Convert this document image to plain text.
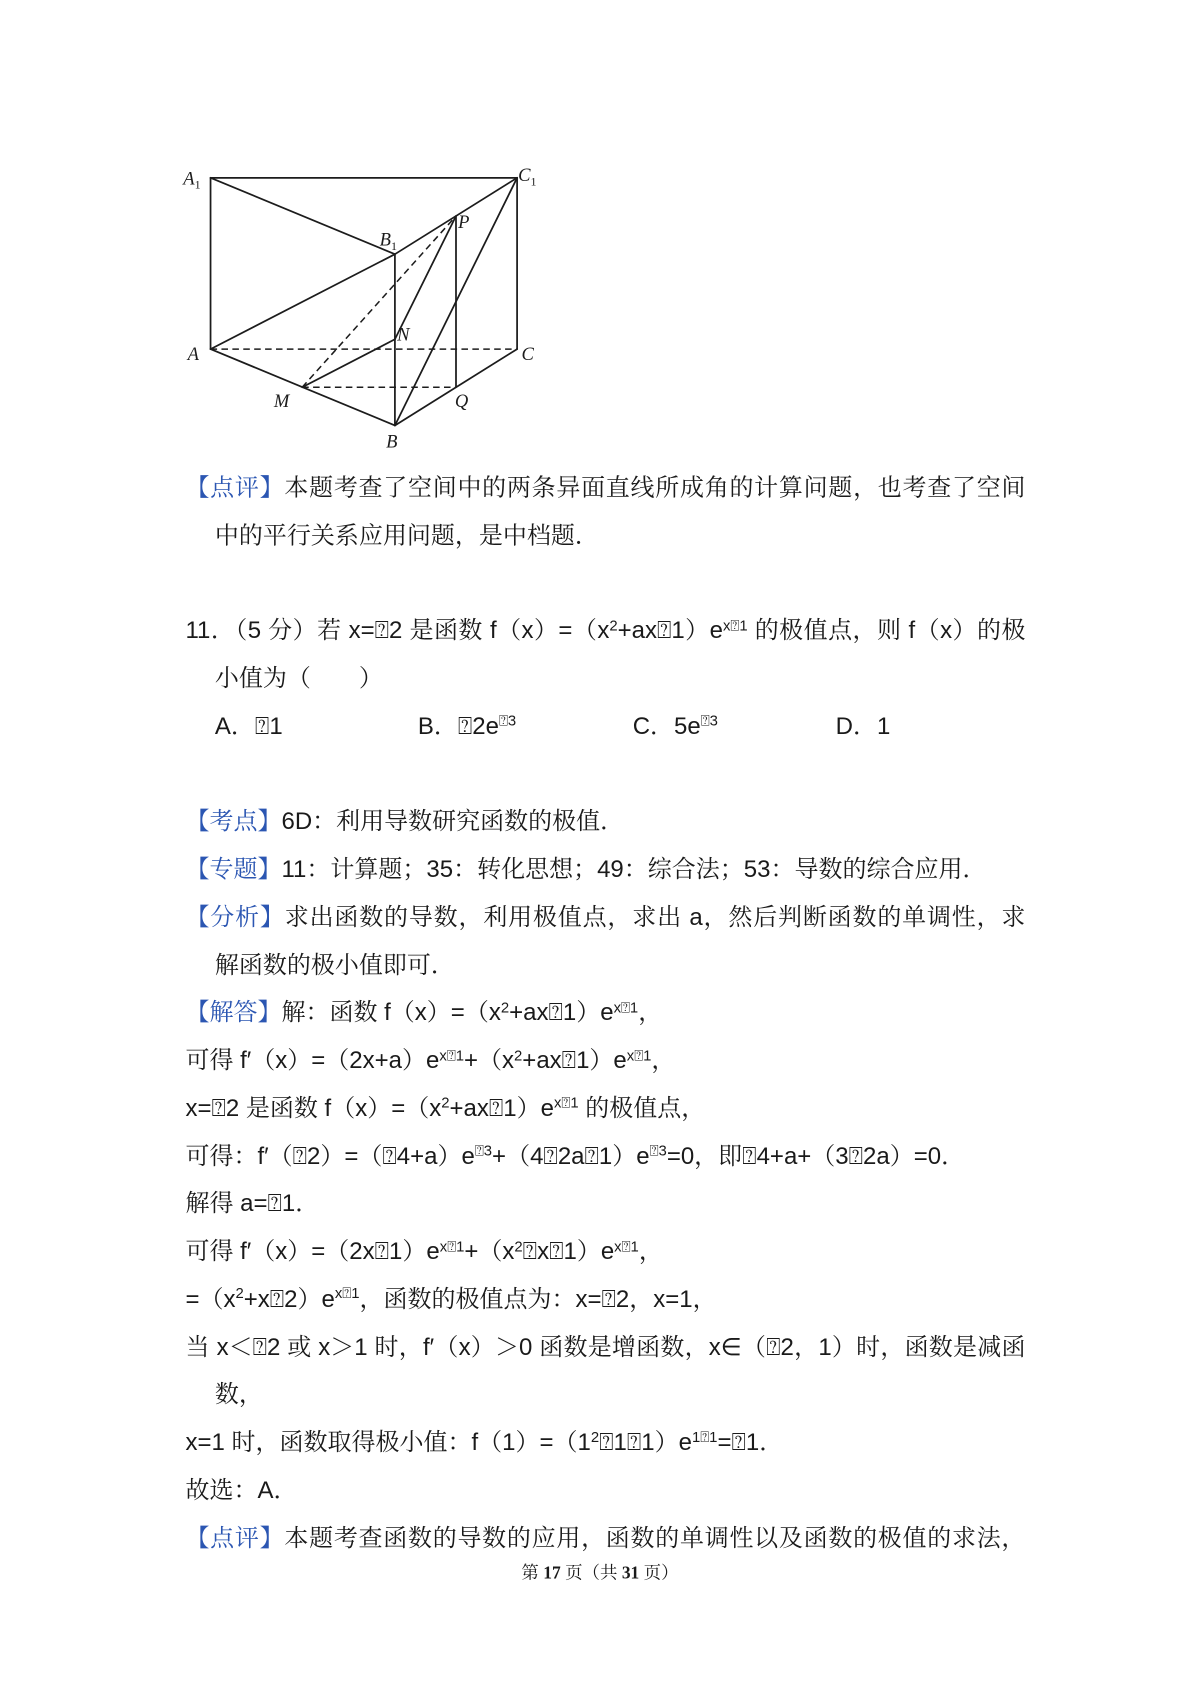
$A_1$	$C_1$
$B_1$
P
N
A	C
M	Q
B
【点评】本题考查了空间中的两条异面直线所成角的计算问题，也考查了空间
中的平行关系应用问题，是中档题．
11．（5 分）若 x=⍰2 是函数 $f(x)=(x^2+ax⍰1)e^{x⍰1}$ 的极值点，则 f（x）的极
小值为（　　）
A．⍰1	B．$⍰2e^{⍰3}$	C．$5e^{⍰3}$	D．1
【考点】6D：利用导数研究函数的极值．
【专题】11：计算题；35：转化思想；49：综合法；53：导数的综合应用．
【分析】求出函数的导数，利用极值点，求出 a，然后判断函数的单调性，求
解函数的极小值即可．
【解答】解：函数 $f(x)=(x^2+ax⍰1)e^{x⍰1}$，
可得 $f'(x)=(2x+a)e^{x⍰1}+(x^2+ax⍰1)e^{x⍰1}$，
x=⍰2 是函数 $f(x)=(x^2+ax⍰1)e^{x⍰1}$ 的极值点，
可得：$f'(⍰2)=(⍰4+a)e^{⍰3}+(4⍰2a⍰1)e^{⍰3}=0$，即⍰4+a+（3⍰2a）=0．
解得 a=⍰1．
可得 $f'(x)=(2x⍰1)e^{x⍰1}+(x^2⍰x⍰1)e^{x⍰1}$，
$=(x^2+x⍰2)e^{x⍰1}$，函数的极值点为：x=⍰2，x=1，
当 x＜⍰2 或 x＞1 时，f′（x）＞0 函数是增函数，x∈（⍰2，1）时，函数是减函
数，
x=1 时，函数取得极小值：$f(1)=(1^2⍰1⍰1)e^{1⍰1}=⍰1$．
故选：A．
【点评】本题考查函数的导数的应用，函数的单调性以及函数的极值的求法，
第 17 页（共 31 页）
